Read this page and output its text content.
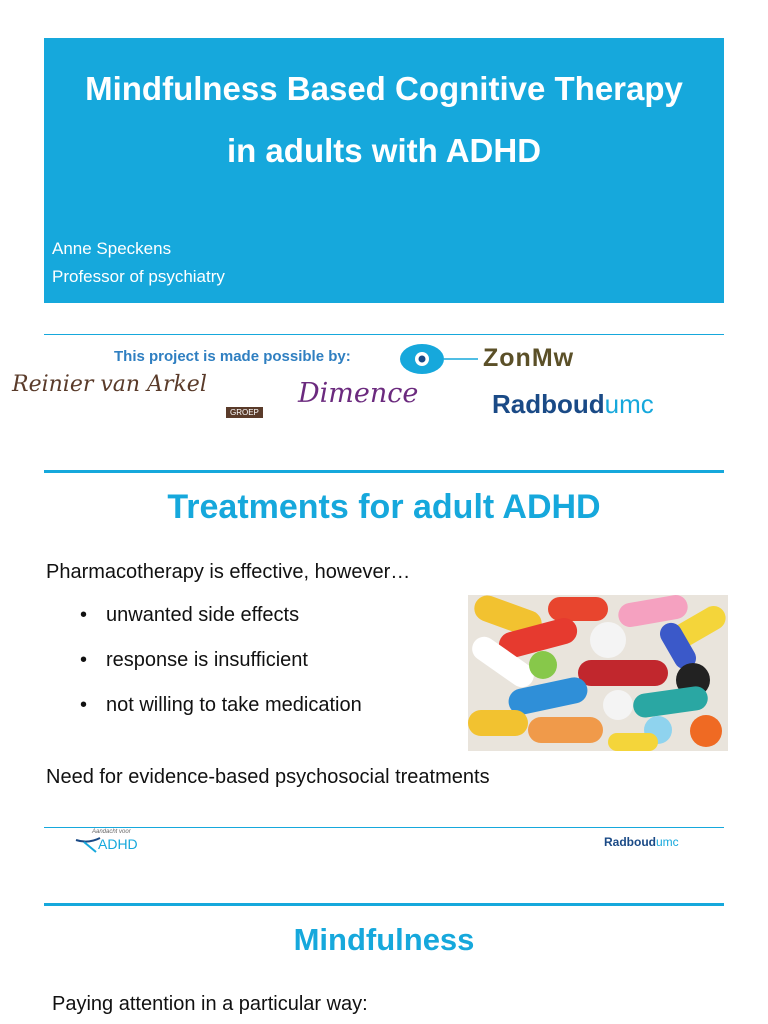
Mindfulness Based Cognitive Therapy
in adults with ADHD
Anne Speckens
Professor of psychiatry
This project is made possible by:	ZonMw
Reinier van Arkel
GROEP
Dimence	Radboudumc
Treatments for adult ADHD
Pharmacotherapy is effective, however…
• unwanted side effects
• response is insufficient
• not willing to take medication
Need for evidence-based psychosocial treatments
Aandacht voor
ADHD	Radboudumc
Mindfulness
Paying attention in a particular way:
